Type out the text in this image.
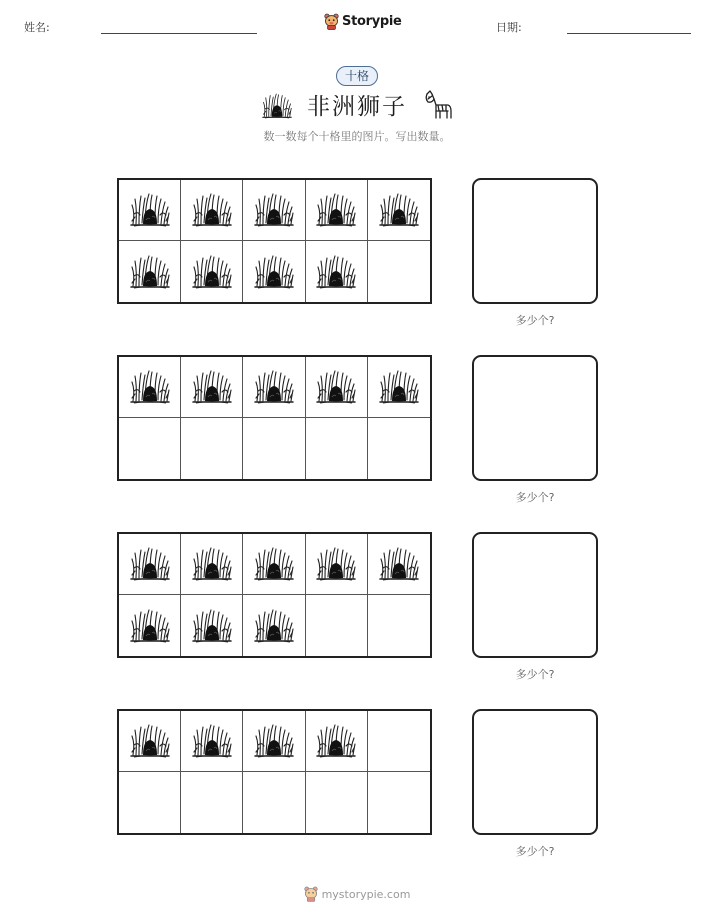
姓名:	Storypie	日期:
十格
非洲狮子
数一数每个十格里的图片。写出数量。
多少个?
多少个?
多少个?
多少个?
mystorypie.com
